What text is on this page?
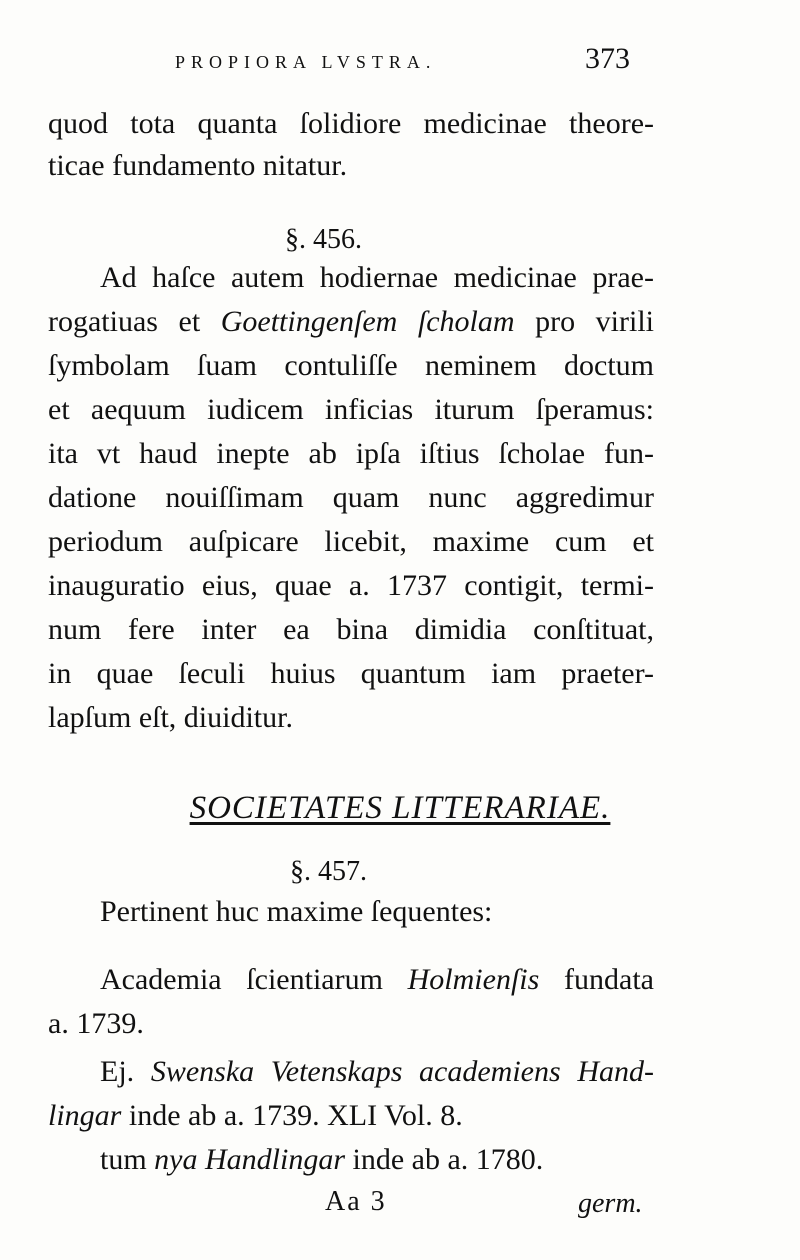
PROPIORA LVSTRA.	373
quod tota quanta ſolidiore medicinae theore-
ticae fundamento nitatur.
§. 456.
Ad haſce autem hodiernae medicinae prae-
rogatiuas et Goettingenſem ſcholam pro virili
ſymbolam ſuam contuliſſe neminem doctum
et aequum iudicem inficias iturum ſperamus:
ita vt haud inepte ab ipſa iſtius ſcholae fun-
datione nouiſſimam quam nunc aggredimur
periodum auſpicare licebit, maxime cum et
inauguratio eius, quae a. 1737 contigit, termi-
num fere inter ea bina dimidia conſtituat,
in quae ſeculi huius quantum iam praeter-
lapſum eſt, diuiditur.
SOCIETATES LITTERARIAE.
§. 457.
Pertinent huc maxime ſequentes:
Academia ſcientiarum Holmienſis fundata
a. 1739.
Ej. Swenska Vetenskaps academiens Hand-
lingar inde ab a. 1739. XLI Vol. 8.
tum nya Handlingar inde ab a. 1780.
Aa 3	germ.
